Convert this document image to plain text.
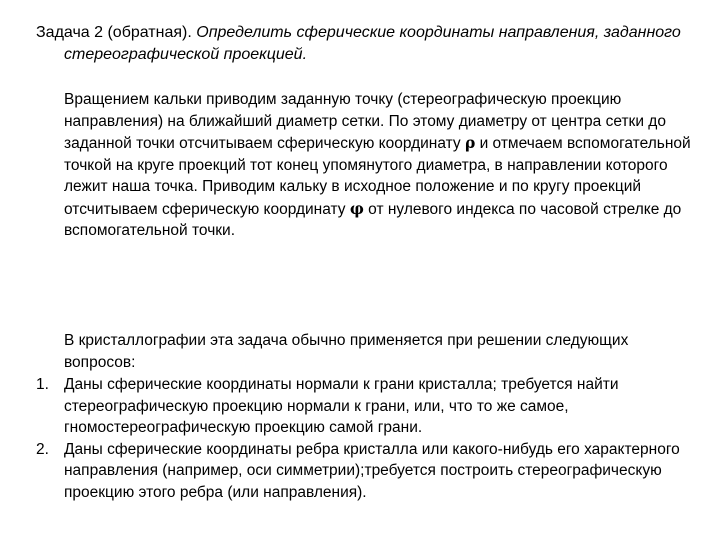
Задача 2 (обратная). Определить сферические координаты направления, заданного стереографической проекцией.

Вращением кальки приводим заданную точку (стереографическую проекцию направления) на ближайший диаметр сетки. По этому диаметру от центра сетки до заданной точки отсчитываем сферическую координату ρ и отмечаем вспомогательной точкой на круге проекций тот конец упомянутого диаметра, в направлении которого лежит наша точка. Приводим кальку в исходное положение и по кругу проекций отсчитываем сферическую координату φ от нулевого индекса по часовой стрелке до вспомогательной точки.

В кристаллографии эта задача обычно применяется при решении следующих вопросов:

1. Даны сферические координаты нормали к грани кристалла; требуется найти стереографическую проекцию нормали к грани, или, что то же самое, гномостереографическую проекцию самой грани.
2. Даны сферические координаты ребра кристалла или какого-нибудь его характерного направления (например, оси симметрии);требуется построить стереографическую проекцию этого ребра (или направления).
